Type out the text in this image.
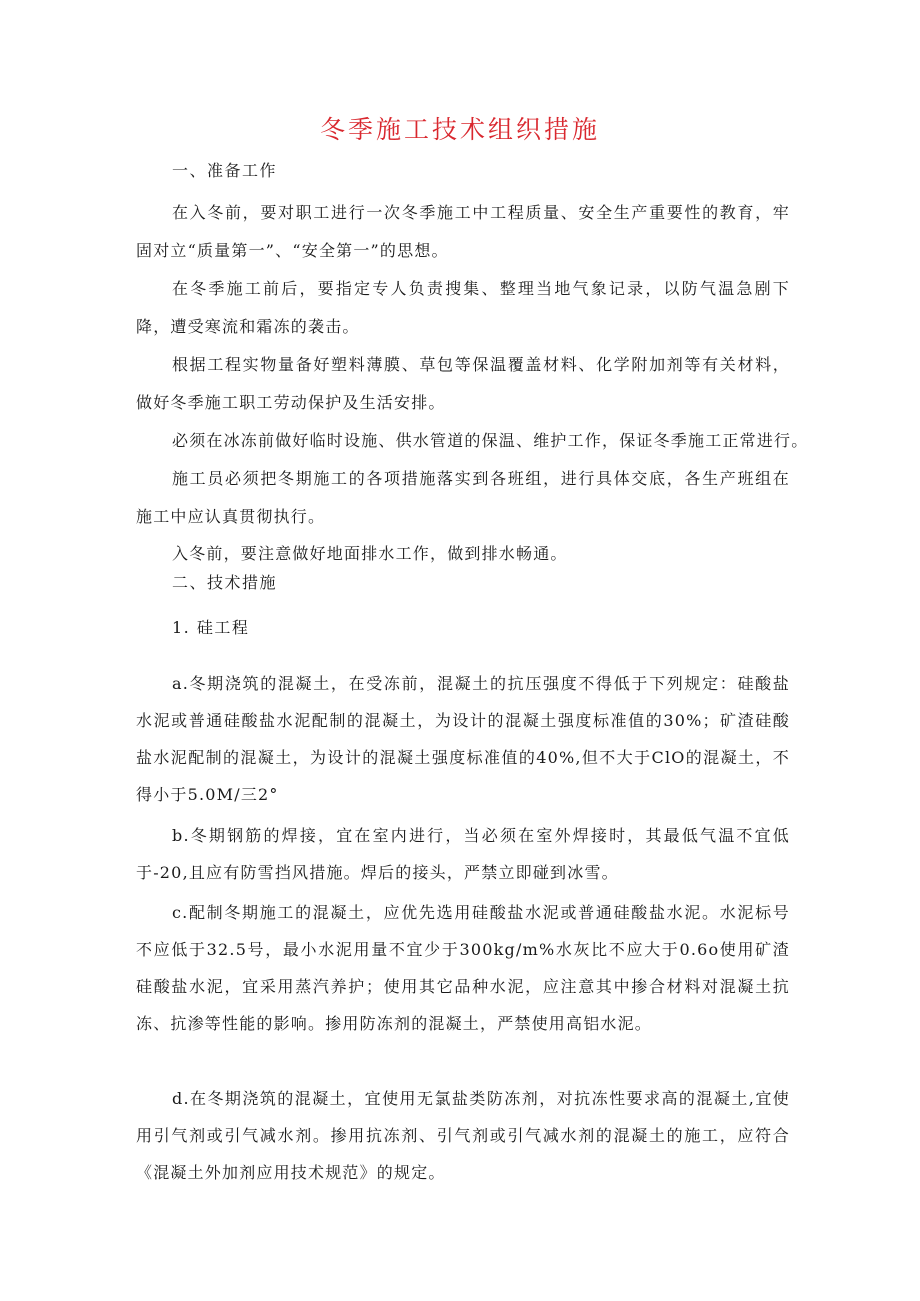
冬季施工技术组织措施
一、准备工作
在入冬前，要对职工进行一次冬季施工中工程质量、安全生产重要性的教育，牢固对立“质量第一”、“安全第一”的思想。
在冬季施工前后，要指定专人负责搜集、整理当地气象记录，以防气温急剧下降，遭受寒流和霜冻的袭击。
根据工程实物量备好塑料薄膜、草包等保温覆盖材料、化学附加剂等有关材料，做好冬季施工职工劳动保护及生活安排。
必须在冰冻前做好临时设施、供水管道的保温、维护工作，保证冬季施工正常进行。
施工员必须把冬期施工的各项措施落实到各班组，进行具体交底，各生产班组在施工中应认真贯彻执行。
入冬前，要注意做好地面排水工作，做到排水畅通。
二、技术措施
1. 硅工程
a.冬期浇筑的混凝土，在受冻前，混凝土的抗压强度不得低于下列规定：硅酸盐水泥或普通硅酸盐水泥配制的混凝土，为设计的混凝土强度标准值的30%；矿渣硅酸盐水泥配制的混凝土，为设计的混凝土强度标准值的40%,但不大于ClO的混凝土，不得小于5.0M∕三2°
b.冬期钢筋的焊接，宜在室内进行，当必须在室外焊接时，其最低气温不宜低于-20,且应有防雪挡风措施。焊后的接头，严禁立即碰到冰雪。
c.配制冬期施工的混凝土，应优先选用硅酸盐水泥或普通硅酸盐水泥。水泥标号不应低于32.5号，最小水泥用量不宜少于300kg∕m%水灰比不应大于0.6o使用矿渣硅酸盐水泥，宜采用蒸汽养护；使用其它品种水泥，应注意其中掺合材料对混凝土抗冻、抗渗等性能的影响。掺用防冻剂的混凝土，严禁使用高铝水泥。
d.在冬期浇筑的混凝土，宜使用无氯盐类防冻剂，对抗冻性要求高的混凝土,宜使用引气剂或引气减水剂。掺用抗冻剂、引气剂或引气减水剂的混凝土的施工，应符合《混凝土外加剂应用技术规范》的规定。
